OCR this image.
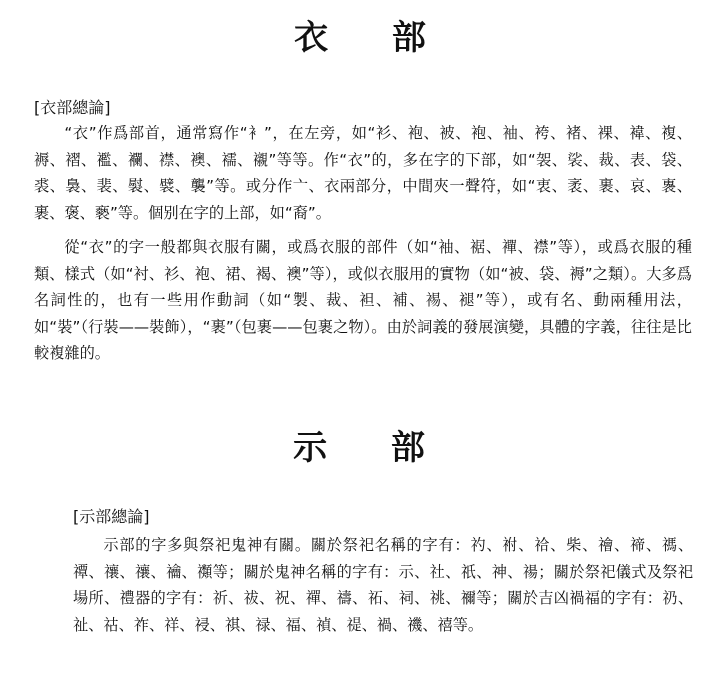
衣 部
[衣部總論]

“衣”作爲部首，通常寫作“衤”，在左旁，如“衫、袍、被、袍、袖、袴、褚、裸、褘、複、褥、褶、襤、襴、襟、襖、襦、襯”等等。作“衣”的，多在字的下部，如“袈、裟、裁、表、袋、裘、裊、裴、褽、襞、襲”等。或分作亠、衣兩部分，中間夾一聲符，如“衷、袤、裹、哀、褢、裹、褒、褻”等。個别在字的上部，如“裔”。

從“衣”的字一般都與衣服有關，或爲衣服的部件（如“袖、裾、襌、襟”等），或爲衣服的種類、樣式（如“衬、衫、袍、裙、褐、襖”等），或似衣服用的實物（如“被、袋、褥”之類）。大多爲名詞性的，也有一些用作動詞（如“製、裁、袒、補、裼、褪”等），或有名、動兩種用法，如“裝”（行裝——裝飾），“裹”（包裹——包裹之物）。由於詞義的發展演變，具體的字義，往往是比較複雜的。

示 部
[示部總論]

示部的字多與祭祀鬼神有關。關於祭祀名稱的字有：礿、祔、祫、柴、禬、禘、禡、禫、禳、禳、禴、禷等；關於鬼神名稱的字有：示、社、祇、神、禓；關於祭祀儀式及祭祀場所、禮器的字有：祈、祓、祝、禪、禱、祏、祠、祧、禰等；關於吉凶禍福的字有：礽、祉、祜、祚、祥、祲、祺、禄、福、禎、禔、禍、禨、禧等。
